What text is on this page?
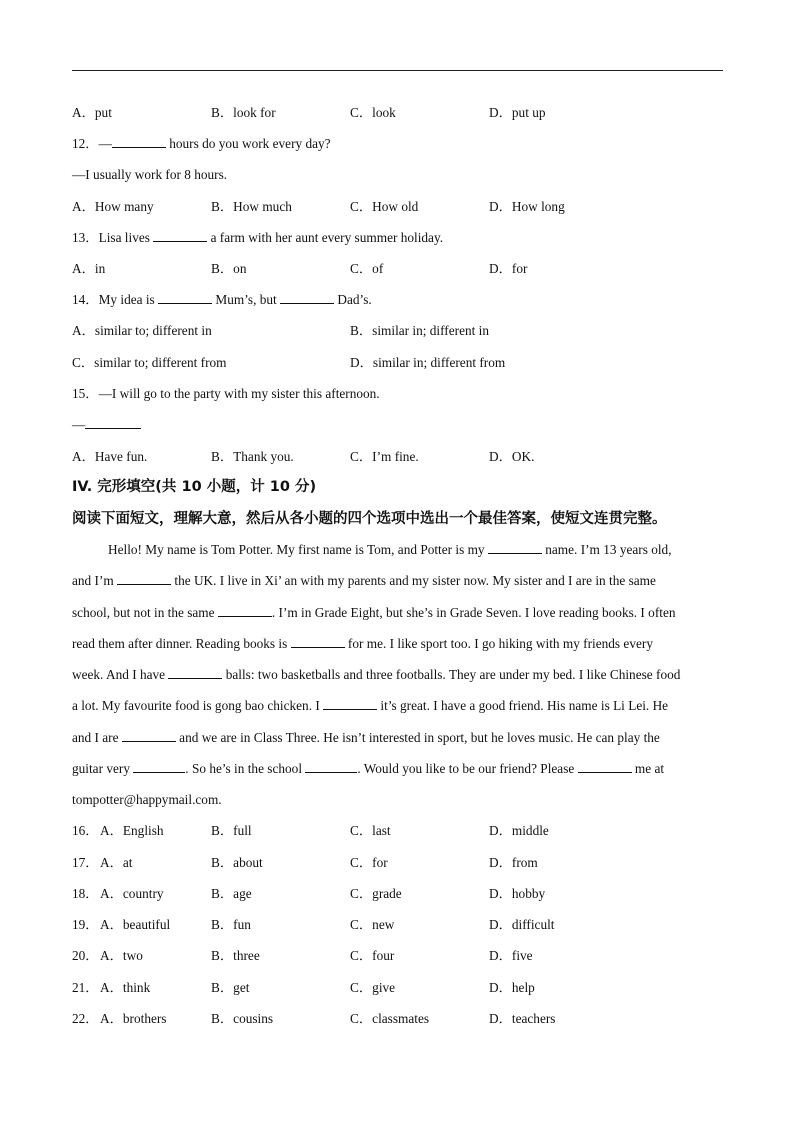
A．put	B．look for	C．look	D．put up
12．—	hours do you work every day?
—I usually work for 8 hours.
A．How many	B．How much	C．How old	D．How long
13．Lisa lives	a farm with her aunt every summer holiday.
A．in	B．on	C．of	D．for
14．My idea is	Mum’s, but	Dad’s.
A．similar to; different in	B．similar in; different in
C．similar to; different from	D．similar in; different from
15．—I will go to the party with my sister this afternoon.
—
A．Have fun.	B．Thank you.	C．I’m fine.	D．OK.
IV. 完形填空(共 10 小题，计 10 分)
阅读下面短文，理解大意，然后从各小题的四个选项中选出一个最佳答案，使短文连贯完整。
Hello! My name is Tom Potter. My first name is Tom, and Potter is my	name. I’m 13 years old,
and I’m	the UK. I live in Xi’ an with my parents and my sister now. My sister and I are in the same
school, but not in the same	. I’m in Grade Eight, but she’s in Grade Seven. I love reading books. I often
read them after dinner. Reading books is	for me. I like sport too. I go hiking with my friends every
week. And I have	balls: two basketballs and three footballs. They are under my bed. I like Chinese food
a lot. My favourite food is gong bao chicken. I	it’s great. I have a good friend. His name is Li Lei. He
and I are	and we are in Class Three. He isn’t interested in sport, but he loves music. He can play the
guitar very	. So he’s in the school	. Would you like to be our friend? Please	me at
tompotter@happymail.com.
16． A．English	B．full	C．last	D．middle
17． A．at	B．about	C．for	D．from
18． A．country	B．age	C．grade	D．hobby
19． A．beautiful	B．fun	C．new	D．difficult
20． A．two	B．three	C．four	D．five
21． A．think	B．get	C．give	D．help
22． A．brothers	B．cousins	C．classmates	D．teachers
